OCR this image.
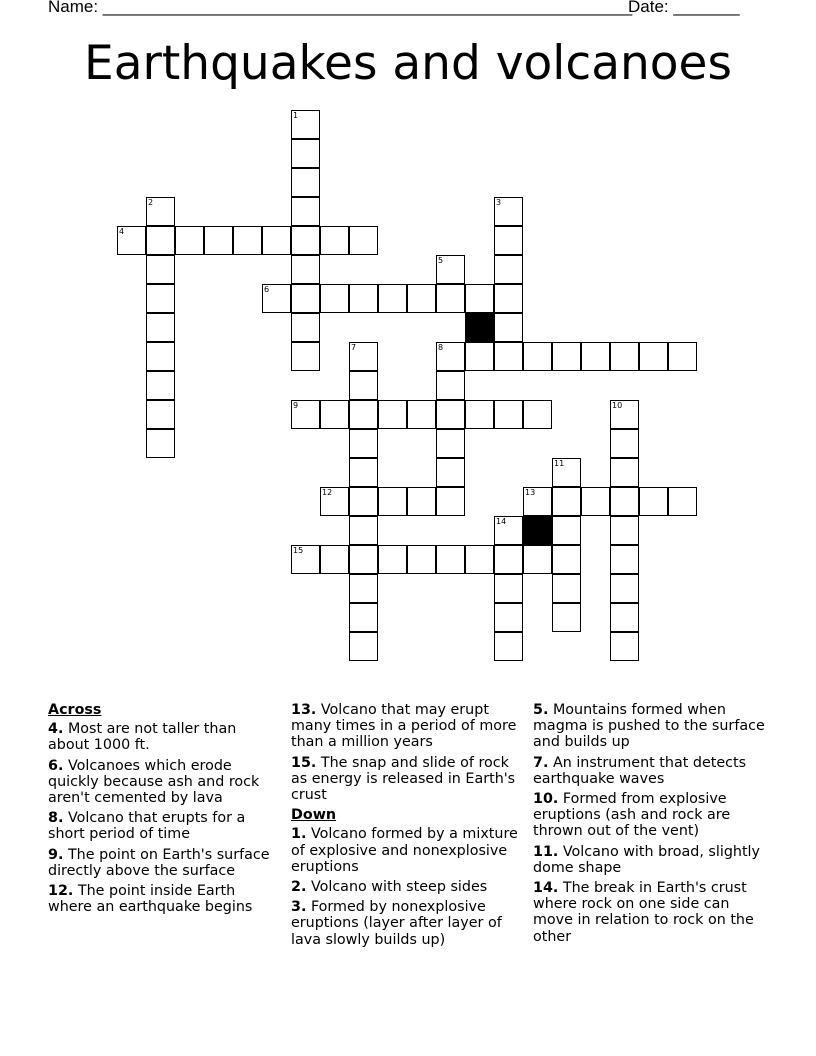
Name: ________________________________________________________
Date: _______
Earthquakes and volcanoes
1
2	3
4
5
6
7	8
9	10
11
12	13
14
15
Across
4. Most are not taller than about 1000 ft.
6. Volcanoes which erode quickly because ash and rock aren't cemented by lava
8. Volcano that erupts for a short period of time
9. The point on Earth's surface directly above the surface
12. The point inside Earth where an earthquake begins
13. Volcano that may erupt many times in a period of more than a million years
15. The snap and slide of rock as energy is released in Earth's crust
Down
1. Volcano formed by a mixture of explosive and nonexplosive eruptions
2. Volcano with steep sides
3. Formed by nonexplosive eruptions (layer after layer of lava slowly builds up)
5. Mountains formed when magma is pushed to the surface and builds up
7. An instrument that detects earthquake waves
10. Formed from explosive eruptions (ash and rock are thrown out of the vent)
11. Volcano with broad, slightly dome shape
14. The break in Earth's crust where rock on one side can move in relation to rock on the other
